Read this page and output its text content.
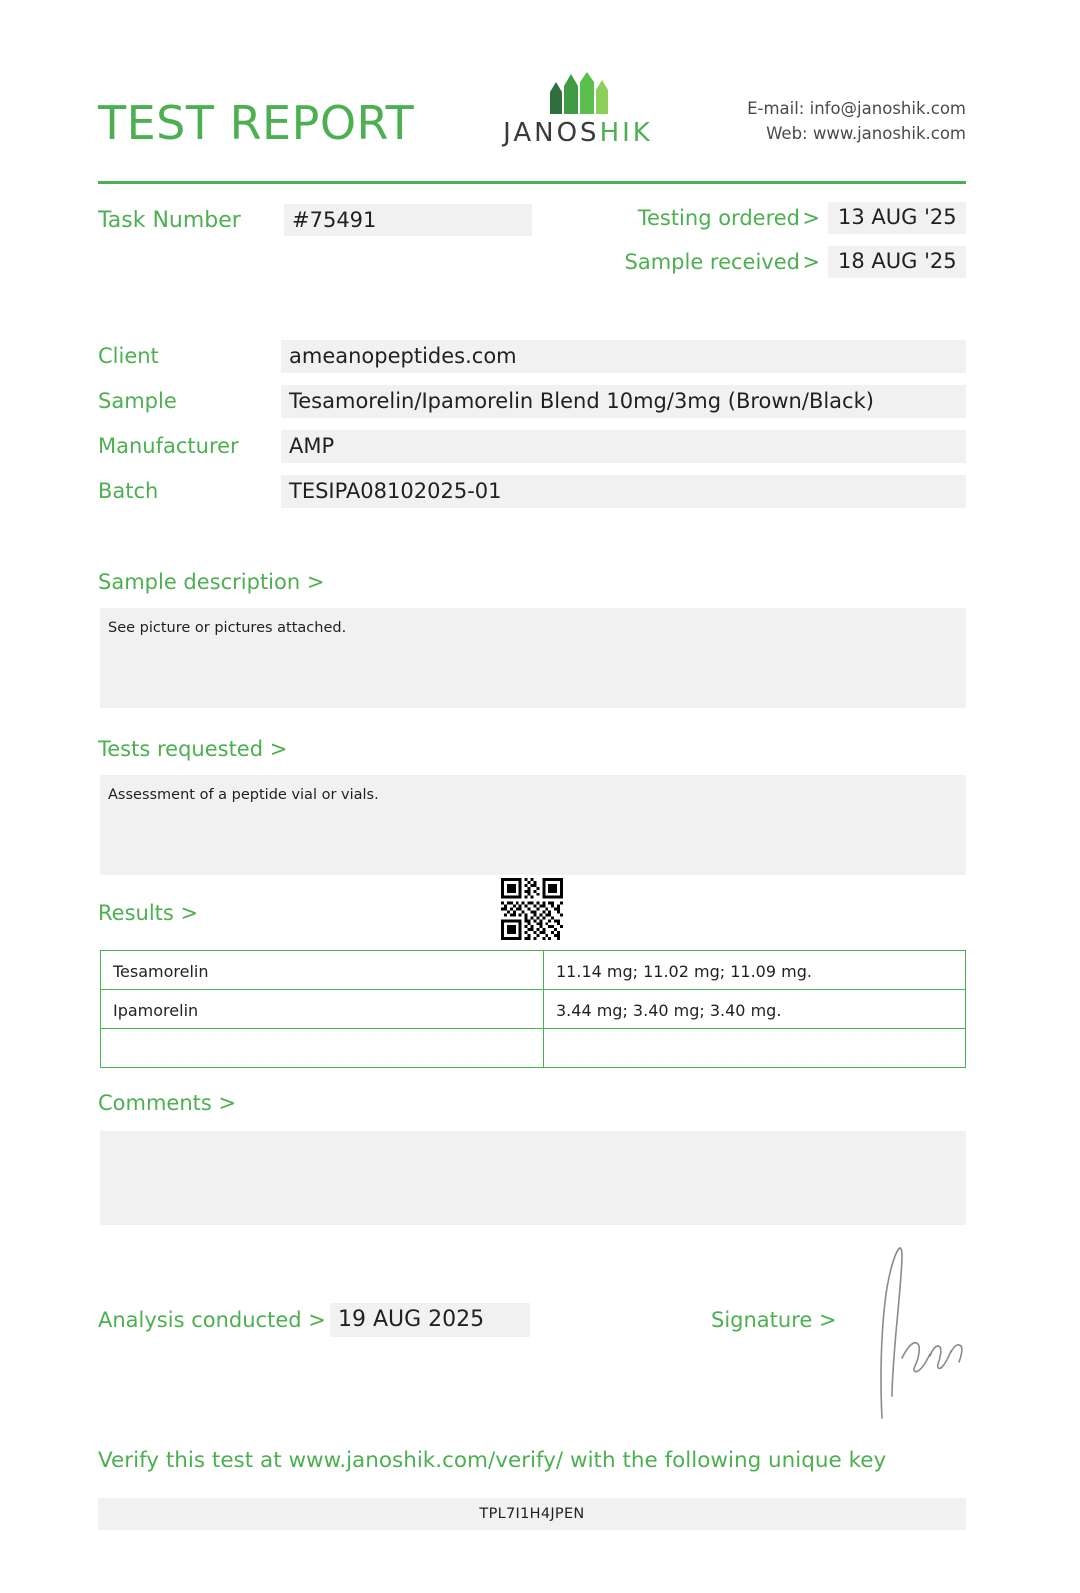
TEST REPORT	JANOSHIK
E-mail: info@janoshik.com
Web: www.janoshik.com
Task Number	#75491	Testing ordered > 13 AUG '25
Sample received > 18 AUG '25
Client	ameanopeptides.com
Sample	Tesamorelin/Ipamorelin Blend 10mg/3mg (Brown/Black)
Manufacturer	AMP
Batch	TESIPA08102025-01
Sample description >
See picture or pictures attached.
Tests requested >
Assessment of a peptide vial or vials.
Results >
Tesamorelin	11.14 mg; 11.02 mg; 11.09 mg.
Ipamorelin	3.44 mg; 3.40 mg; 3.40 mg.

Comments >
Analysis conducted > 19 AUG 2025	Signature >
Verify this test at www.janoshik.com/verify/ with the following unique key
TPL7I1H4JPEN
